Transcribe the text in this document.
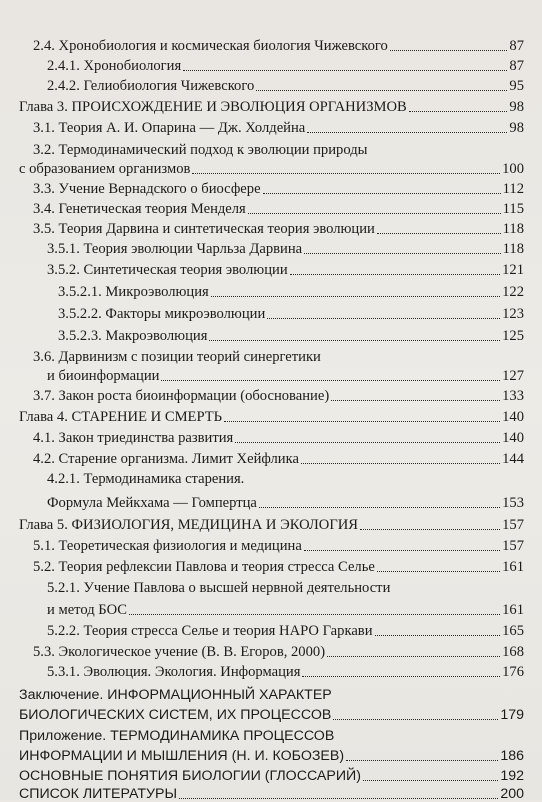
2.4. Хронобиология и космическая биология Чижевского	87
2.4.1. Хронобиология	87
2.4.2. Гелиобиология Чижевского	95
Глава 3. ПРОИСХОЖДЕНИЕ И ЭВОЛЮЦИЯ ОРГАНИЗМОВ	98
3.1. Теория А. И. Опарина — Дж. Холдейна	98
3.2. Термодинамический подход к эволюции природы
с образованием организмов	100
3.3. Учение Вернадского о биосфере	112
3.4. Генетическая теория Менделя	115
3.5. Теория Дарвина и синтетическая теория эволюции	118
3.5.1. Теория эволюции Чарльза Дарвина	118
3.5.2. Синтетическая теория эволюции	121
3.5.2.1. Микроэволюция	122
3.5.2.2. Факторы микроэволюции	123
3.5.2.3. Макроэволюция	125
3.6. Дарвинизм с позиции теорий синергетики
и биоинформации	127
3.7. Закон роста биоинформации (обоснование)	133
Глава 4. СТАРЕНИЕ И СМЕРТЬ	140
4.1. Закон триединства развития	140
4.2. Старение организма. Лимит Хейфлика	144
4.2.1. Термодинамика старения.
Формула Мейкхама — Гомпертца	153
Глава 5. ФИЗИОЛОГИЯ, МЕДИЦИНА И ЭКОЛОГИЯ	157
5.1. Теоретическая физиология и медицина	157
5.2. Теория рефлексии Павлова и теория стресса Селье	161
5.2.1. Учение Павлова о высшей нервной деятельности
и метод БОС	161
5.2.2. Теория стресса Селье и теория НАРО Гаркави	165
5.3. Экологическое учение (В. В. Егоров, 2000)	168
5.3.1. Эволюция. Экология. Информация	176
Заключение. ИНФОРМАЦИОННЫЙ ХАРАКТЕР
БИОЛОГИЧЕСКИХ СИСТЕМ, ИХ ПРОЦЕССОВ	179
Приложение. ТЕРМОДИНАМИКА ПРОЦЕССОВ
ИНФОРМАЦИИ И МЫШЛЕНИЯ (Н. И. КОБОЗЕВ)	186
ОСНОВНЫЕ ПОНЯТИЯ БИОЛОГИИ (ГЛОССАРИЙ)	192
СПИСОК ЛИТЕРАТУРЫ	200
